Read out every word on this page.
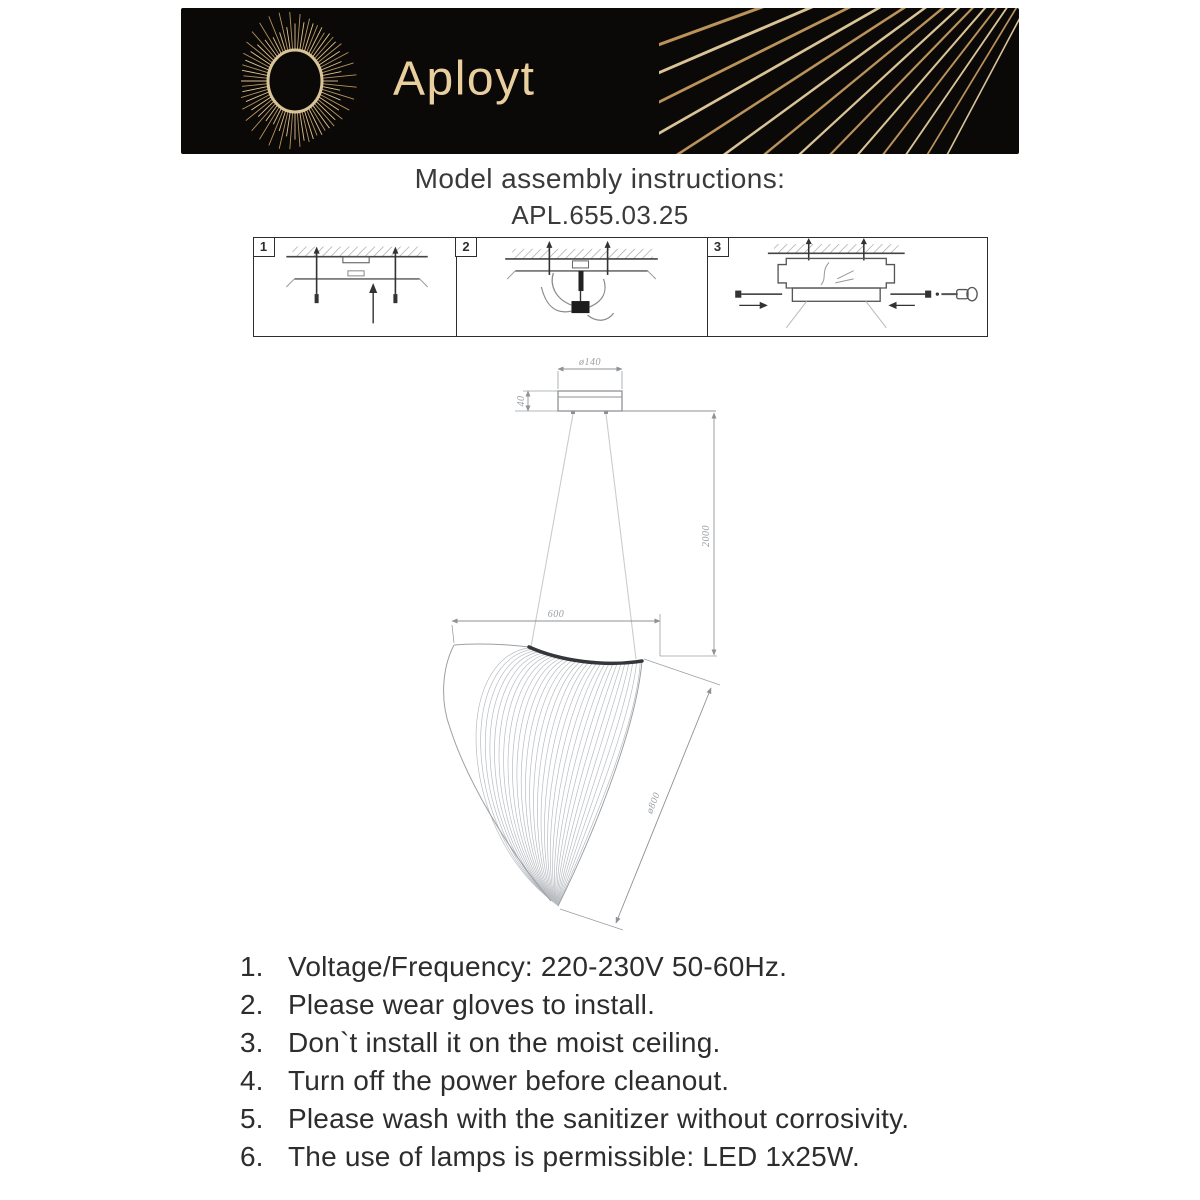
Aployt
Model assembly instructions:
APL.655.03.25
1	2	3
ø140
40
2000
600
ø800
1. Voltage/Frequency: 220-230V 50-60Hz.
2. Please wear gloves to install.
3. Don`t install it on the moist ceiling.
4. Turn off the power before cleanout.
5. Please wash with the sanitizer without corrosivity.
6. The use of lamps is permissible: LED 1x25W.
